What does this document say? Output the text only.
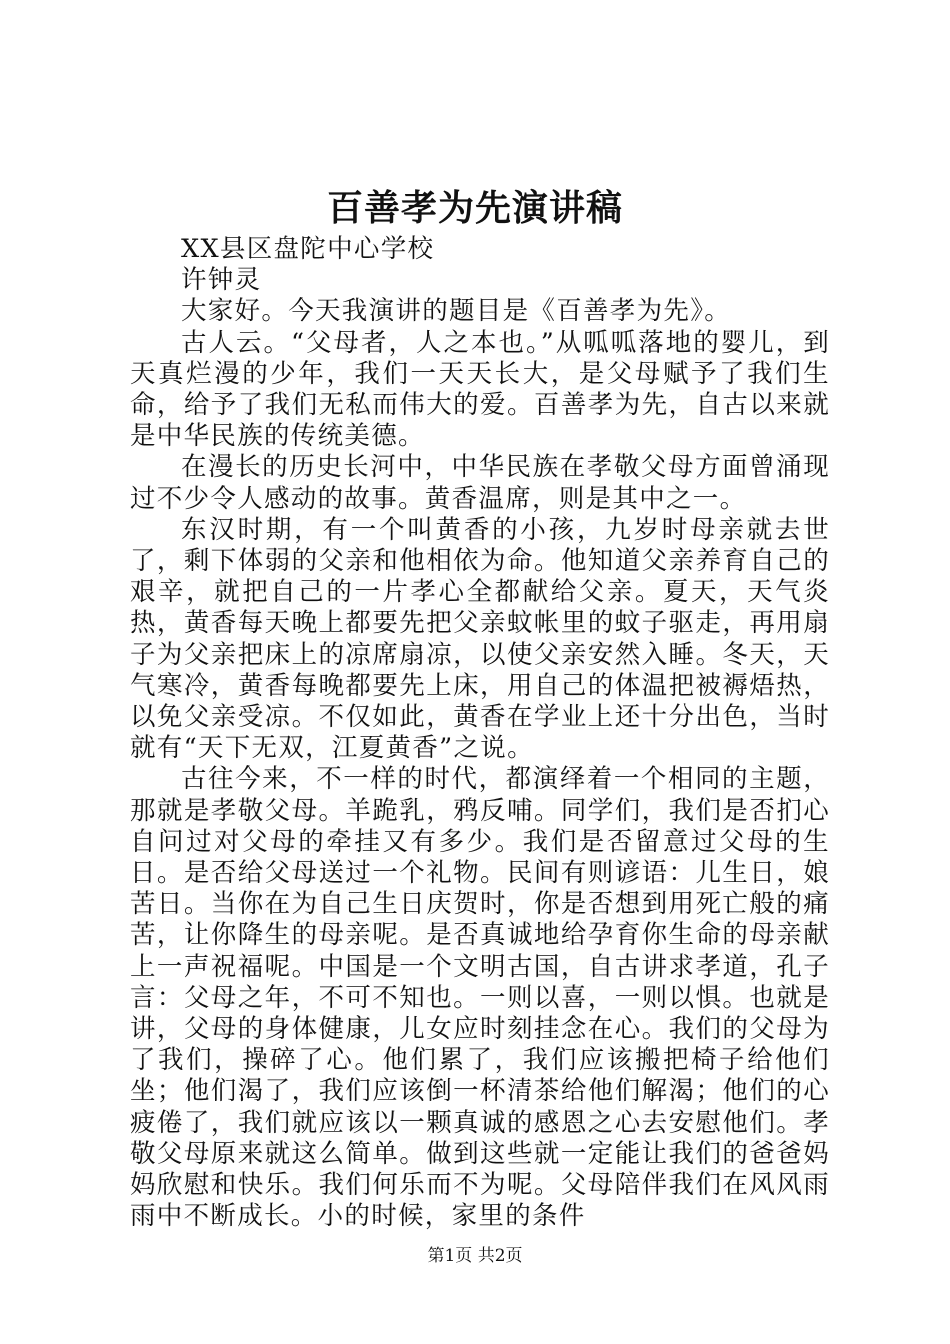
百善孝为先演讲稿

XX县区盘陀中心学校

许钟灵

大家好。今天我演讲的题目是《百善孝为先》。

古人云。“父母者，人之本也。”从呱呱落地的婴儿，到天真烂漫的少年，我们一天天长大，是父母赋予了我们生命，给予了我们无私而伟大的爱。百善孝为先，自古以来就是中华民族的传统美德。

在漫长的历史长河中，中华民族在孝敬父母方面曾涌现过不少令人感动的故事。黄香温席，则是其中之一。

东汉时期，有一个叫黄香的小孩，九岁时母亲就去世了，剩下体弱的父亲和他相依为命。他知道父亲养育自己的艰辛，就把自己的一片孝心全都献给父亲。夏天，天气炎热，黄香每天晚上都要先把父亲蚊帐里的蚊子驱走，再用扇子为父亲把床上的凉席扇凉，以使父亲安然入睡。冬天，天气寒冷，黄香每晚都要先上床，用自己的体温把被褥焐热，以免父亲受凉。不仅如此，黄香在学业上还十分出色，当时就有“天下无双，江夏黄香”之说。

古往今来，不一样的时代，都演绎着一个相同的主题，那就是孝敬父母。羊跪乳，鸦反哺。同学们，我们是否扪心自问过对父母的牵挂又有多少。我们是否留意过父母的生日。是否给父母送过一个礼物。民间有则谚语：儿生日，娘苦日。当你在为自己生日庆贺时，你是否想到用死亡般的痛苦，让你降生的母亲呢。是否真诚地给孕育你生命的母亲献上一声祝福呢。中国是一个文明古国，自古讲求孝道，孔子言：父母之年，不可不知也。一则以喜，一则以惧。也就是讲，父母的身体健康，儿女应时刻挂念在心。我们的父母为了我们，操碎了心。他们累了，我们应该搬把椅子给他们坐；他们渴了，我们应该倒一杯清茶给他们解渴；他们的心疲倦了，我们就应该以一颗真诚的感恩之心去安慰他们。孝敬父母原来就这么简单。做到这些就一定能让我们的爸爸妈妈欣慰和快乐。我们何乐而不为呢。父母陪伴我们在风风雨雨中不断成长。小的时候，家里的条件

第1页 共2页
